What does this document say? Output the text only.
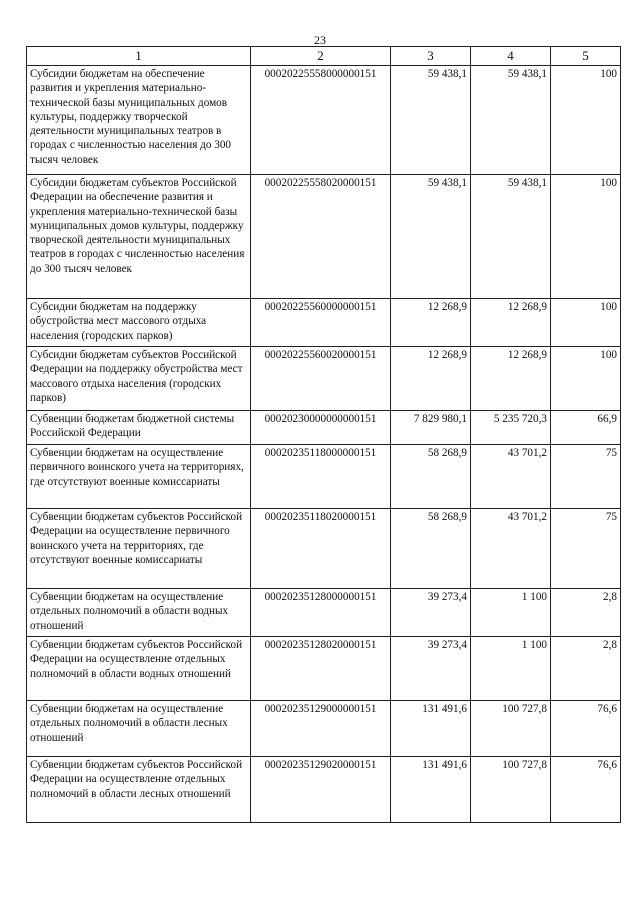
23
1	2	3	4	5
Субсидии бюджетам на обеспечение развития и укрепления материально-технической базы муниципальных домов культуры, поддержку творческой деятельности муниципальных театров в городах с численностью населения до 300 тысяч человек	00020225558000000151	59 438,1	59 438,1	100
Субсидии бюджетам субъектов Российской Федерации на обеспечение развития и укрепления материально-технической базы муниципальных домов культуры, поддержку творческой деятельности муниципальных театров в городах с численностью населения до 300 тысяч человек	00020225558020000151	59 438,1	59 438,1	100
Субсидии бюджетам на поддержку обустройства мест массового отдыха населения (городских парков)	00020225560000000151	12 268,9	12 268,9	100
Субсидии бюджетам субъектов Российской Федерации на поддержку обустройства мест массового отдыха населения (городских парков)	00020225560020000151	12 268,9	12 268,9	100
Субвенции бюджетам бюджетной системы Российской Федерации	00020230000000000151	7 829 980,1	5 235 720,3	66,9
Субвенции бюджетам на осуществление первичного воинского учета на территориях, где отсутствуют военные комиссариаты	00020235118000000151	58 268,9	43 701,2	75
Субвенции бюджетам субъектов Российской Федерации на осуществление первичного воинского учета на территориях, где отсутствуют военные комиссариаты	00020235118020000151	58 268,9	43 701,2	75
Субвенции бюджетам на осуществление отдельных полномочий в области водных отношений	00020235128000000151	39 273,4	1 100	2,8
Субвенции бюджетам субъектов Российской Федерации на осуществление отдельных полномочий в области водных отношений	00020235128020000151	39 273,4	1 100	2,8
Субвенции бюджетам на осуществление отдельных полномочий в области лесных отношений	00020235129000000151	131 491,6	100 727,8	76,6
Субвенции бюджетам субъектов Российской Федерации на осуществление отдельных полномочий в области лесных отношений	00020235129020000151	131 491,6	100 727,8	76,6
